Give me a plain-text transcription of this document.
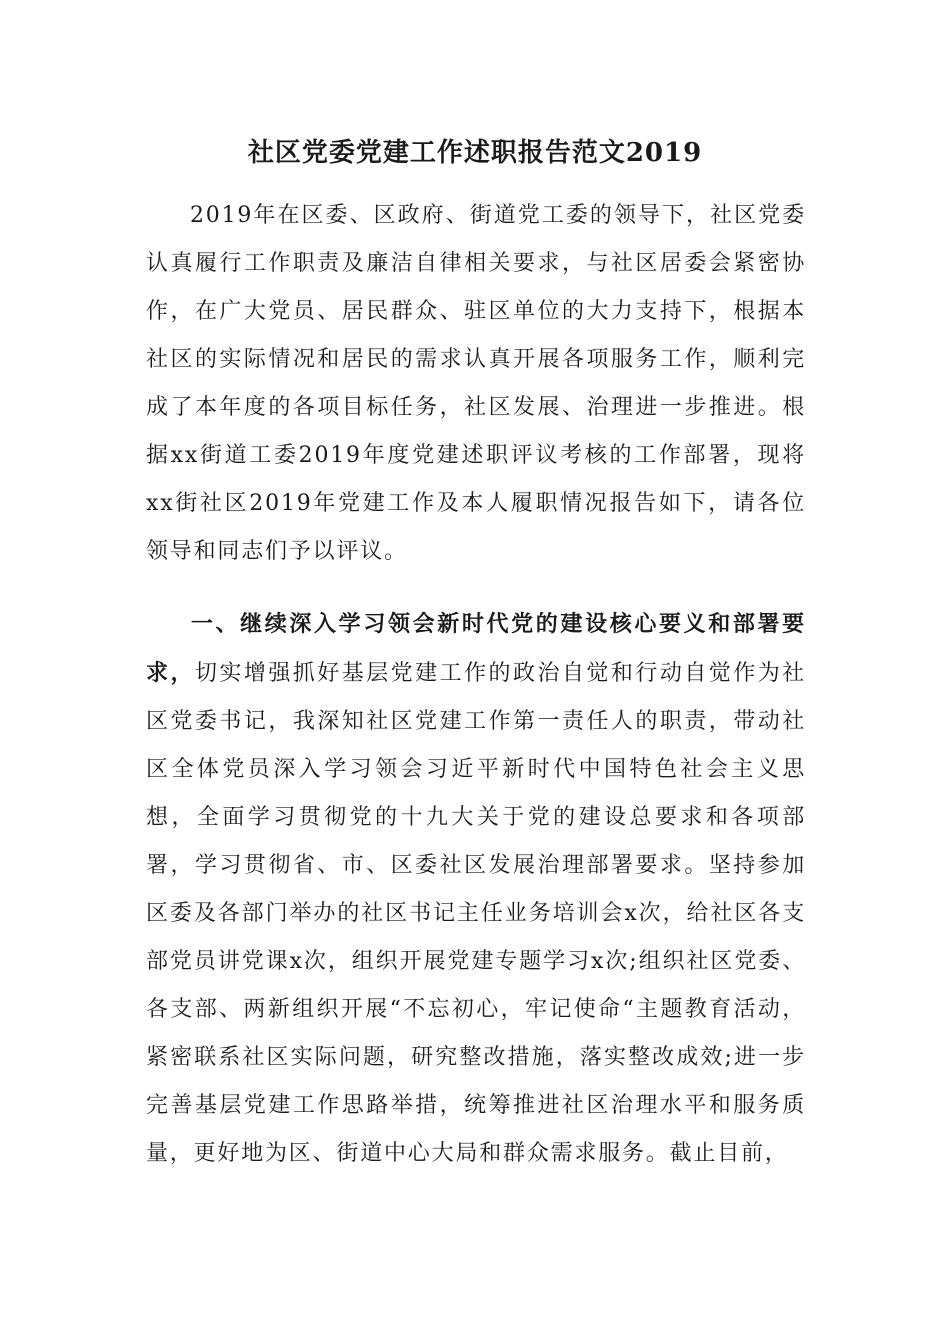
社区党委党建工作述职报告范文2019

2019年在区委、区政府、街道党工委的领导下，社区党委认真履行工作职责及廉洁自律相关要求，与社区居委会紧密协作，在广大党员、居民群众、驻区单位的大力支持下，根据本社区的实际情况和居民的需求认真开展各项服务工作，顺利完成了本年度的各项目标任务，社区发展、治理进一步推进。根据xx街道工委2019年度党建述职评议考核的工作部署，现将xx街社区2019年党建工作及本人履职情况报告如下，请各位领导和同志们予以评议。

一、继续深入学习领会新时代党的建设核心要义和部署要求，切实增强抓好基层党建工作的政治自觉和行动自觉作为社区党委书记，我深知社区党建工作第一责任人的职责，带动社区全体党员深入学习领会习近平新时代中国特色社会主义思想，全面学习贯彻党的十九大关于党的建设总要求和各项部署，学习贯彻省、市、区委社区发展治理部署要求。坚持参加区委及各部门举办的社区书记主任业务培训会x次，给社区各支部党员讲党课x次，组织开展党建专题学习x次;组织社区党委、各支部、两新组织开展“不忘初心，牢记使命“主题教育活动，紧密联系社区实际问题，研究整改措施，落实整改成效;进一步完善基层党建工作思路举措，统筹推进社区治理水平和服务质量，更好地为区、街道中心大局和群众需求服务。截止目前，
